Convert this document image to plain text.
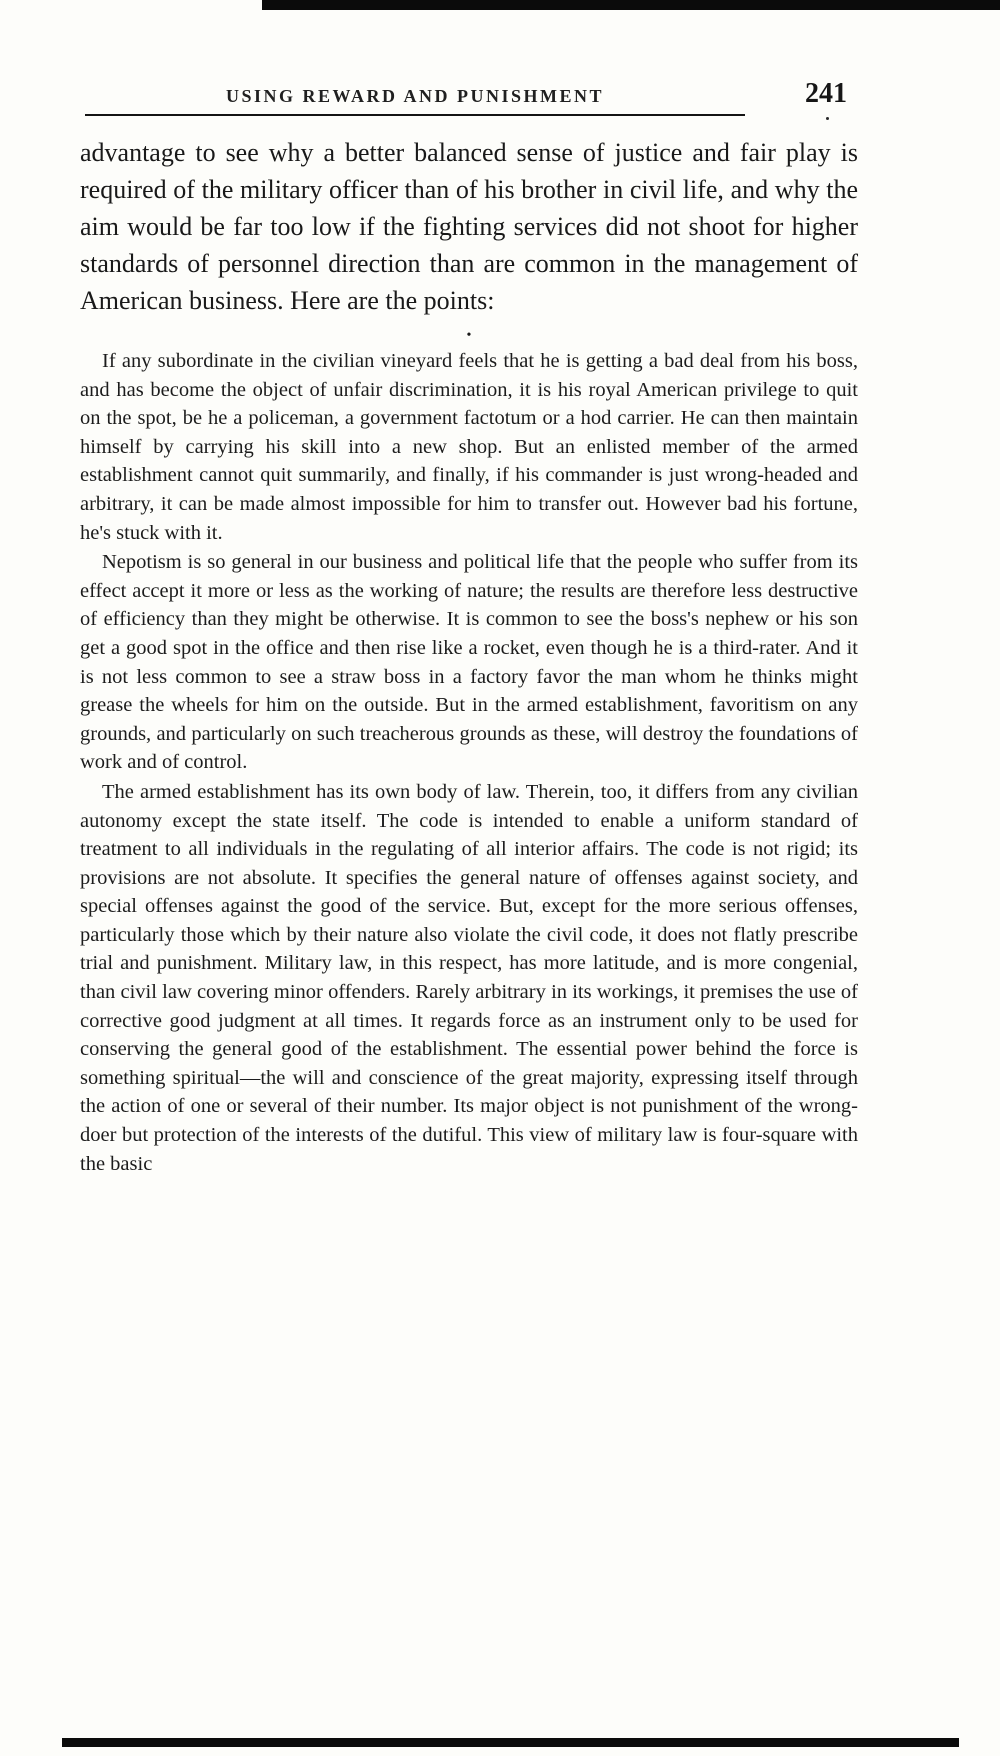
USING REWARD AND PUNISHMENT	241

advantage to see why a better balanced sense of justice and fair play is required of the military officer than of his brother in civil life, and why the aim would be far too low if the fighting services did not shoot for higher standards of personnel direction than are common in the management of American business. Here are the points:

•

If any subordinate in the civilian vineyard feels that he is getting a bad deal from his boss, and has become the object of unfair discrimination, it is his royal American privilege to quit on the spot, be he a policeman, a government factotum or a hod carrier. He can then maintain himself by carrying his skill into a new shop. But an enlisted member of the armed establishment cannot quit summarily, and finally, if his commander is just wrong-headed and arbitrary, it can be made almost impossible for him to transfer out. However bad his fortune, he's stuck with it.

Nepotism is so general in our business and political life that the people who suffer from its effect accept it more or less as the working of nature; the results are therefore less destructive of efficiency than they might be otherwise. It is common to see the boss's nephew or his son get a good spot in the office and then rise like a rocket, even though he is a third-rater. And it is not less common to see a straw boss in a factory favor the man whom he thinks might grease the wheels for him on the outside. But in the armed establishment, favoritism on any grounds, and particularly on such treacherous grounds as these, will destroy the foundations of work and of control.

The armed establishment has its own body of law. Therein, too, it differs from any civilian autonomy except the state itself. The code is intended to enable a uniform standard of treatment to all individuals in the regulating of all interior affairs. The code is not rigid; its provisions are not absolute. It specifies the general nature of offenses against society, and special offenses against the good of the service. But, except for the more serious offenses, particularly those which by their nature also violate the civil code, it does not flatly prescribe trial and punishment. Military law, in this respect, has more latitude, and is more congenial, than civil law covering minor offenders. Rarely arbitrary in its workings, it premises the use of corrective good judgment at all times. It regards force as an instrument only to be used for conserving the general good of the establishment. The essential power behind the force is something spiritual—the will and conscience of the great majority, expressing itself through the action of one or several of their number. Its major object is not punishment of the wrong-doer but protection of the interests of the dutiful. This view of military law is four-square with the basic
